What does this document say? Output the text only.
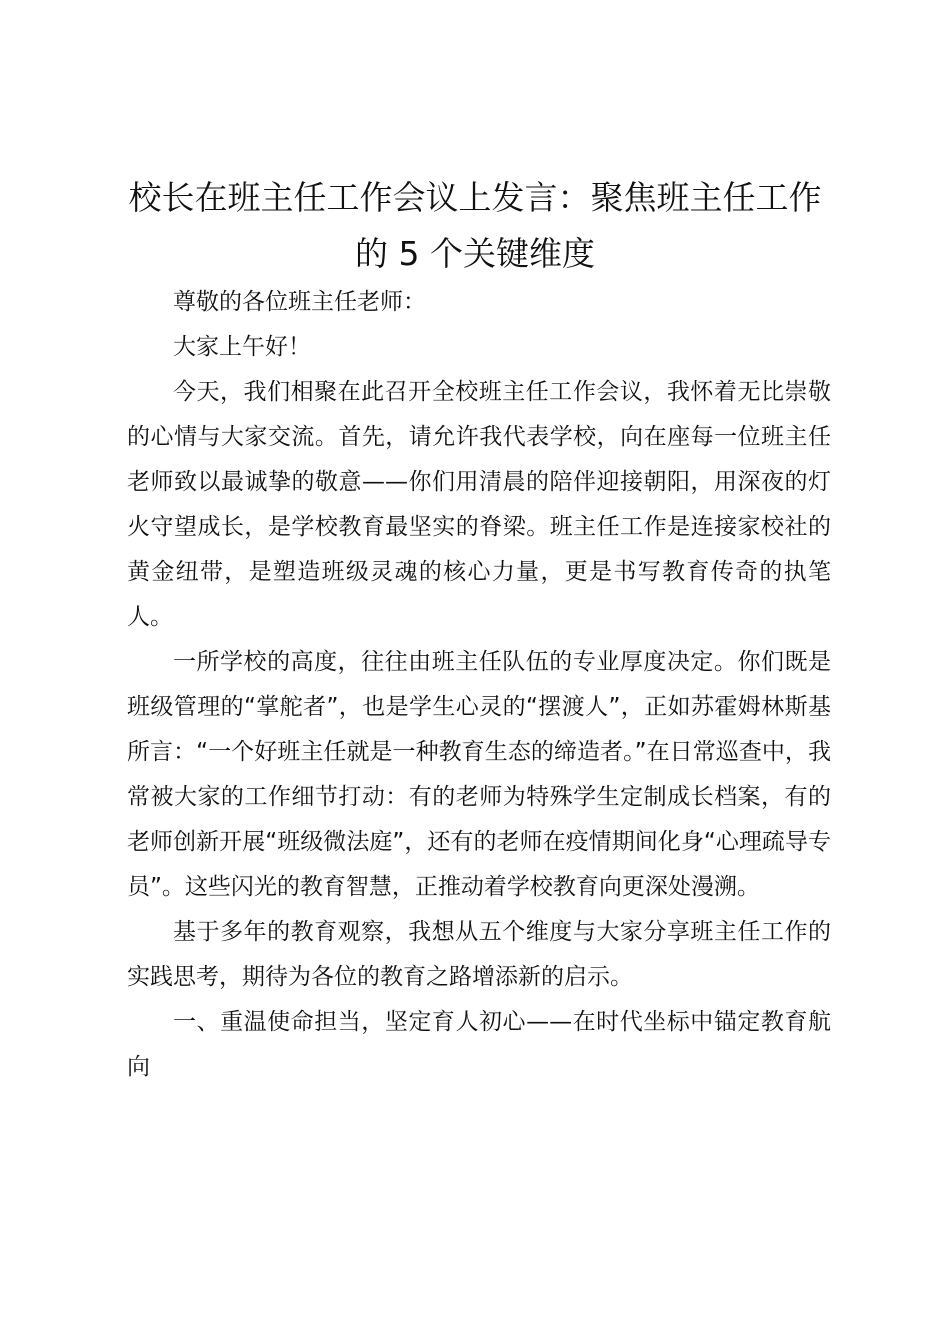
校长在班主任工作会议上发言：聚焦班主任工作的 5 个关键维度

尊敬的各位班主任老师：

大家上午好！

今天，我们相聚在此召开全校班主任工作会议，我怀着无比崇敬的心情与大家交流。首先，请允许我代表学校，向在座每一位班主任老师致以最诚挚的敬意——你们用清晨的陪伴迎接朝阳，用深夜的灯火守望成长，是学校教育最坚实的脊梁。班主任工作是连接家校社的黄金纽带，是塑造班级灵魂的核心力量，更是书写教育传奇的执笔人。

一所学校的高度，往往由班主任队伍的专业厚度决定。你们既是班级管理的“掌舵者”，也是学生心灵的“摆渡人”，正如苏霍姆林斯基所言：“一个好班主任就是一种教育生态的缔造者。”在日常巡查中，我常被大家的工作细节打动：有的老师为特殊学生定制成长档案，有的老师创新开展“班级微法庭”，还有的老师在疫情期间化身“心理疏导专员”。这些闪光的教育智慧，正推动着学校教育向更深处漫溯。

基于多年的教育观察，我想从五个维度与大家分享班主任工作的实践思考，期待为各位的教育之路增添新的启示。

一、重温使命担当，坚定育人初心——在时代坐标中锚定教育航向
